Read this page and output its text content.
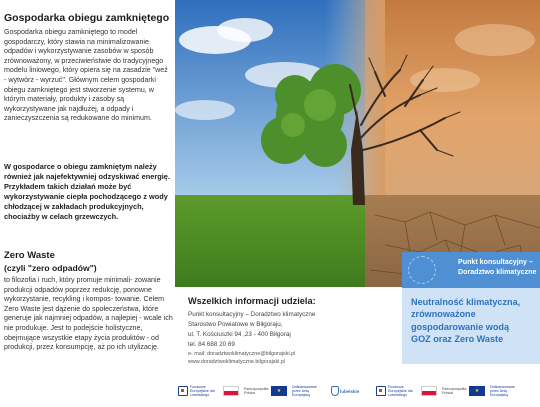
Gospodarka obiegu zamkniętego
Gospodarka obiegu zamkniętego to model gospodarczy, który stawia na minimalizowanie odpadów i wykorzystywanie zasobów w sposób zrównoważony, w przeciwieństwie do tradycyjnego modelu liniowego, który opiera się na zasadzie "weź - wytwórz - wyrzuć". Głównym celem gospodarki obiegu zamkniętego jest stworzenie systemu, w którym materiały, produkty i zasoby są wykorzystywane jak najdłużej, a odpady i zanieczyszczenia są redukowane do minimum.
W gospodarce o obiegu zamkniętym należy również jak najefektywniej odzyskiwać energię. Przykładem takich działań może być wykorzystywanie ciepła pochodzącego z wody chłodzącej w zakładach produkcyjnych, chociażby w celach grzewczych.
Zero Waste
(czyli "zero odpadów")
to filozofia i ruch, który promuje minimali- zowanie produkcji odpadów poprzez redukcję, ponowne wykorzystanie, recykling i kompos- towanie. Celem Zero Waste jest dążenie do społeczeństwa, które generuje jak najmniej odpadów, a najlepiej - wcale ich nie produkuje. Jest to podejście holistyczne, obejmujące wszystkie etapy życia produktów - od produkcji, przez konsumpcję, aż po ich utylizację.
Wszelkich informacji udziela:
Punkt konsultacyjny – Doradztwo klimatyczne
Starostwo Powiatowe w Biłgoraju,
ul. T. Kościuszki 94 ,23 - 400 Biłgoraj
tel. 84 688 20 69
e- mail: doradztwoklimatyczne@bilgorajski.pl
www.doradztwoklimatyczne.bilgorajski.pl
Punkt konsultacyjny –
Doradztwo klimatyczne
Neutralność klimatyczna,
zrównoważone
gospodarowanie wodą
GOZ oraz Zero Waste
Fundusze Europejskie dla Lubelskiego
Rzeczpospolita Polska	★
Dofinansowane przez Unię Europejską
lubelskie
Fundusze Europejskie dla Lubelskiego
Rzeczpospolita Polska	★
Dofinansowane przez Unię Europejską
